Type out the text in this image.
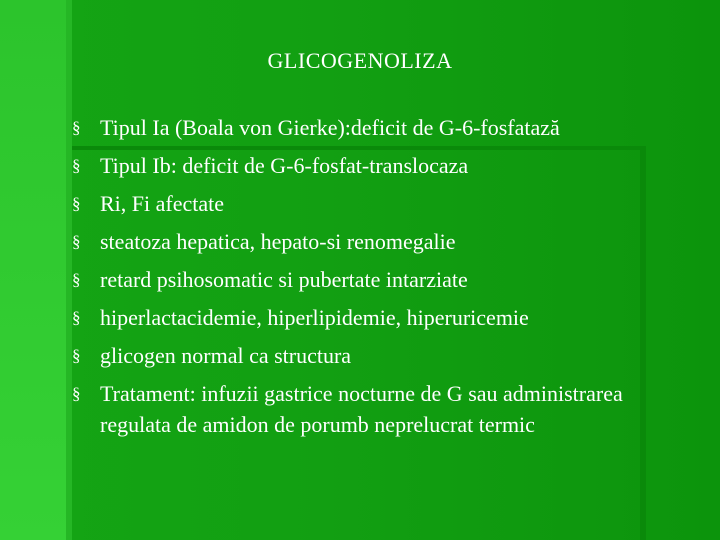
GLICOGENOLIZA
§ Tipul Ia (Boala von Gierke):deficit de G-6-fosfatază
§ Tipul Ib: deficit de G-6-fosfat-translocaza
§ Ri, Fi afectate
§ steatoza hepatica, hepato-si renomegalie
§ retard psihosomatic si pubertate intarziate
§ hiperlactacidemie, hiperlipidemie, hiperuricemie
§ glicogen normal ca structura
§ Tratament: infuzii gastrice nocturne de G sau administrarea regulata de amidon de porumb neprelucrat termic
